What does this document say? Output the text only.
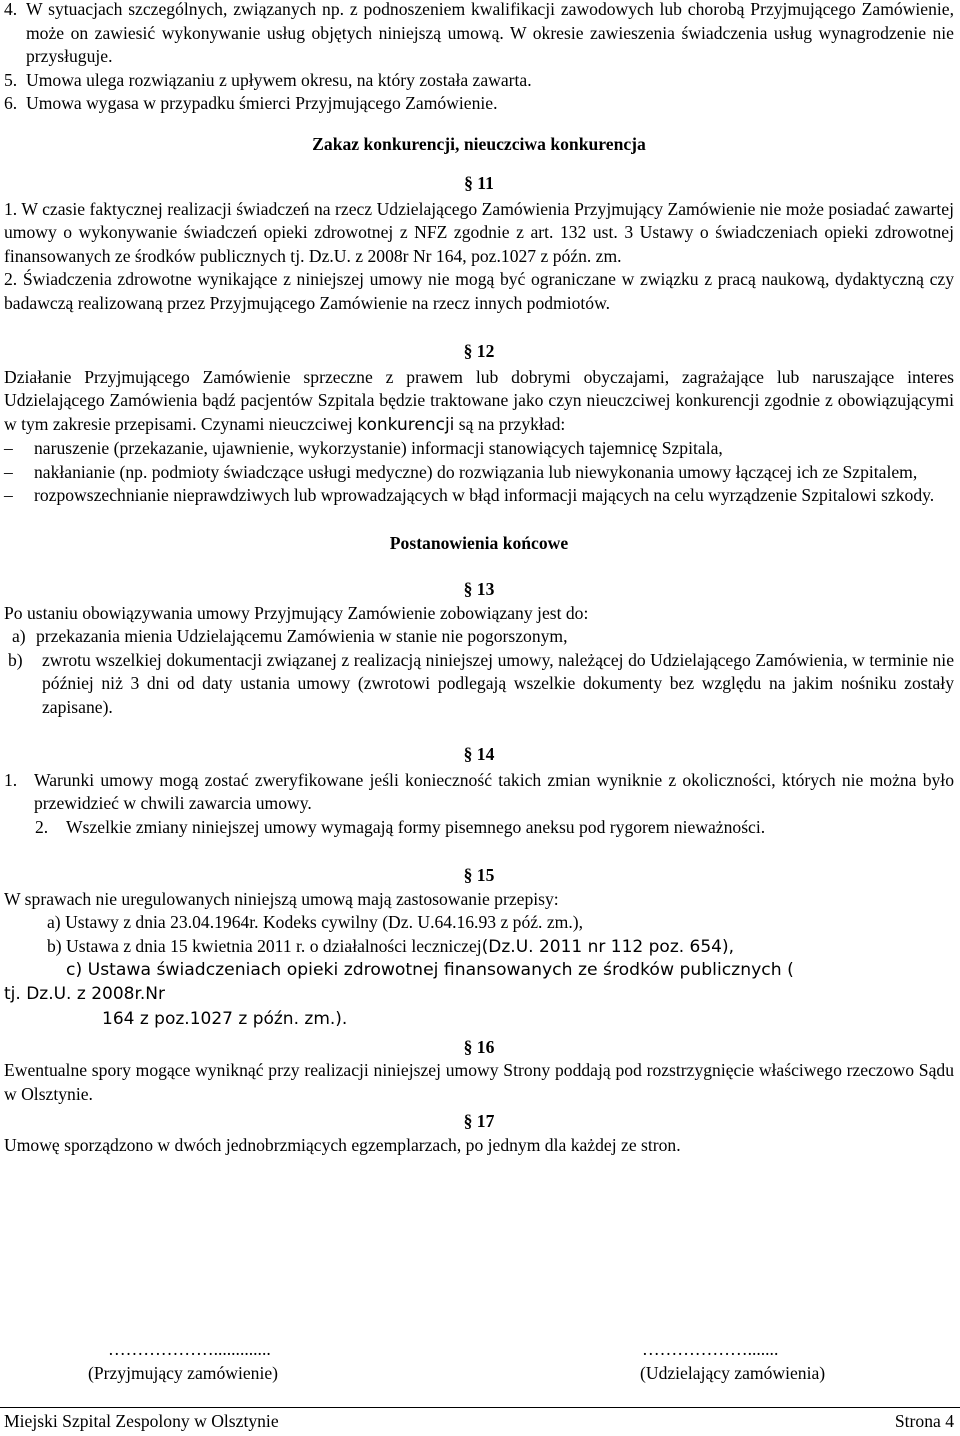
4. W sytuacjach szczególnych, związanych np. z podnoszeniem kwalifikacji zawodowych lub chorobą Przyjmującego Zamówienie, może on zawiesić wykonywanie usług objętych niniejszą umową. W okresie zawieszenia świadczenia usług wynagrodzenie nie przysługuje.
5. Umowa ulega rozwiązaniu z upływem okresu, na który została zawarta.
6. Umowa wygasa w przypadku śmierci Przyjmującego Zamówienie.

Zakaz konkurencji, nieuczciwa konkurencja

§ 11

1. W czasie faktycznej realizacji świadczeń na rzecz Udzielającego Zamówienia Przyjmujący Zamówienie nie może posiadać zawartej umowy o wykonywanie świadczeń opieki zdrowotnej z NFZ zgodnie z art. 132 ust. 3 Ustawy o świadczeniach opieki zdrowotnej finansowanych ze środków publicznych tj. Dz.U. z 2008r Nr 164, poz.1027 z późn. zm.

2. Świadczenia zdrowotne wynikające z niniejszej umowy nie mogą być ograniczane w związku z pracą naukową, dydaktyczną czy badawczą realizowaną przez Przyjmującego Zamówienie na rzecz innych podmiotów.

§ 12

Działanie Przyjmującego Zamówienie sprzeczne z prawem lub dobrymi obyczajami, zagrażające lub naruszające interes Udzielającego Zamówienia bądź pacjentów Szpitala będzie traktowane jako czyn nieuczciwej konkurencji zgodnie z obowiązującymi w tym zakresie przepisami. Czynami nieuczciwej konkurencji są na przykład:

–	naruszenie (przekazanie, ujawnienie, wykorzystanie) informacji stanowiących tajemnicę Szpitala,
–	nakłanianie (np. podmioty świadczące usługi medyczne) do rozwiązania lub niewykonania umowy łączącej ich ze Szpitalem,
–	rozpowszechnianie nieprawdziwych lub wprowadzających w błąd informacji mających na celu wyrządzenie Szpitalowi szkody.

Postanowienia końcowe

§ 13

Po ustaniu obowiązywania umowy Przyjmujący Zamówienie zobowiązany jest do:

a) przekazania mienia Udzielającemu Zamówienia w stanie nie pogorszonym,
b)	zwrotu wszelkiej dokumentacji związanej z realizacją niniejszej umowy, należącej do Udzielającego Zamówienia, w terminie nie później niż 3 dni od daty ustania umowy (zwrotowi podlegają wszelkie dokumenty bez względu na jakim nośniku zostały zapisane).

§ 14

1. Warunki umowy mogą zostać zweryfikowane jeśli konieczność takich zmian wyniknie z okoliczności, których nie można było przewidzieć w chwili zawarcia umowy.
2.	Wszelkie zmiany niniejszej umowy wymagają formy pisemnego aneksu pod rygorem nieważności.

§ 15

W sprawach nie uregulowanych niniejszą umową mają zastosowanie przepisy:

a) Ustawy z dnia 23.04.1964r. Kodeks cywilny (Dz. U.64.16.93 z póź. zm.),

b) Ustawa z dnia 15 kwietnia 2011 r. o działalności leczniczej(Dz.U. 2011 nr 112 poz. 654),

c) Ustawa świadczeniach opieki zdrowotnej finansowanych ze środków publicznych (

tj. Dz.U. z 2008r.Nr

164 z poz.1027 z późn. zm.).

§ 16

Ewentualne spory mogące wyniknąć przy realizacji niniejszej umowy Strony poddają pod rozstrzygnięcie właściwego rzeczowo Sądu w Olsztynie.

§ 17

Umowę sporządzono w dwóch jednobrzmiących egzemplarzach, po jednym dla każdej ze stron.

……………….............
(Przyjmujący zamówienie)
……………….......
(Udzielający zamówienia)
Miejski Szpital Zespolony w Olsztynie	Strona 4
